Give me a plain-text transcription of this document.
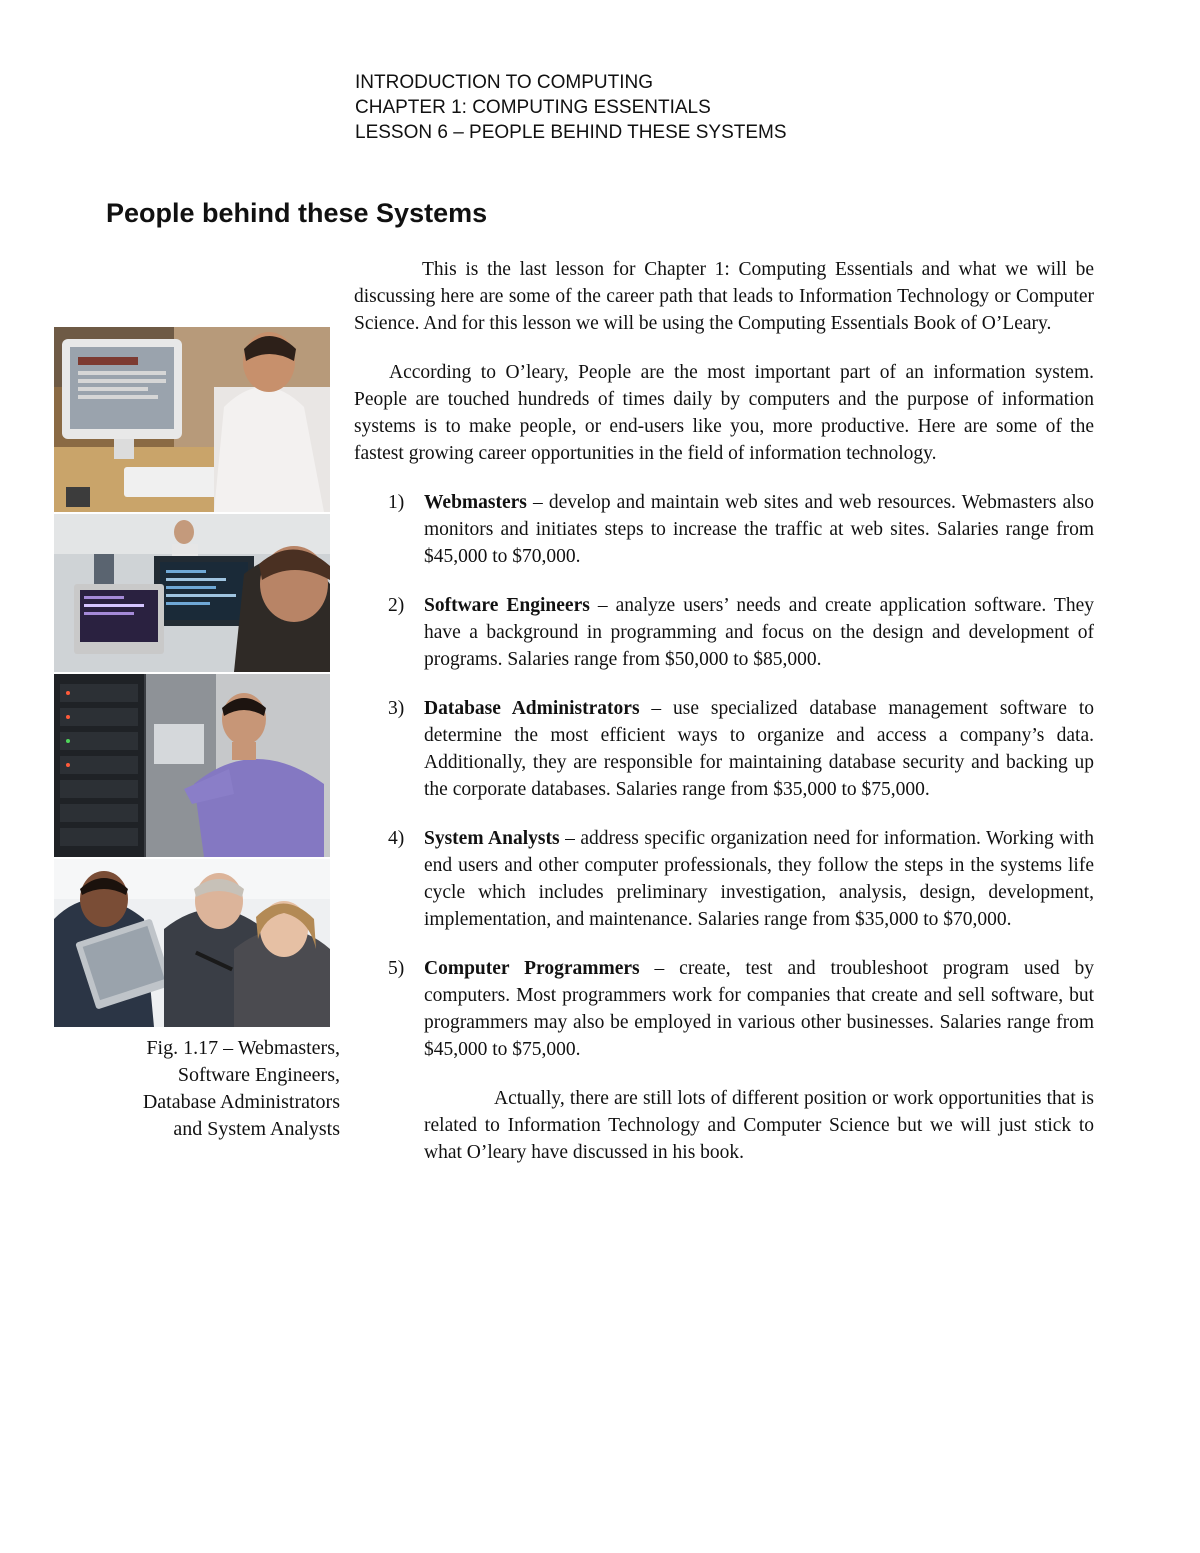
INTRODUCTION TO COMPUTING
CHAPTER 1: COMPUTING ESSENTIALS
LESSON 6 – PEOPLE BEHIND THESE SYSTEMS
People behind these Systems
Fig. 1.17 – Webmasters,
Software Engineers,
Database Administrators
and System Analysts

This is the last lesson for Chapter 1: Computing Essentials and what we will be discussing here are some of the career path that leads to Information Technology or Computer Science. And for this lesson we will be using the Computing Essentials Book of O’Leary.

According to O’leary, People are the most important part of an information system. People are touched hundreds of times daily by computers and the purpose of information systems is to make people, or end-users like you, more productive. Here are some of the fastest growing career opportunities in the field of information technology.

1) Webmasters – develop and maintain web sites and web resources. Webmasters also monitors and initiates steps to increase the traffic at web sites. Salaries range from $45,000 to $70,000.
2) Software Engineers – analyze users’ needs and create application software. They have a background in programming and focus on the design and development of programs. Salaries range from $50,000 to $85,000.
3) Database Administrators – use specialized database management software to determine the most efficient ways to organize and access a company’s data. Additionally, they are responsible for maintaining database security and backing up the corporate databases. Salaries range from $35,000 to $75,000.
4) System Analysts – address specific organization need for information. Working with end users and other computer professionals, they follow the steps in the systems life cycle which includes preliminary investigation, analysis, design, development, implementation, and maintenance. Salaries range from $35,000 to $70,000.
5) Computer Programmers – create, test and troubleshoot program used by computers. Most programmers work for companies that create and sell software, but programmers may also be employed in various other businesses. Salaries range from $45,000 to $75,000.

Actually, there are still lots of different position or work opportunities that is related to Information Technology and Computer Science but we will just stick to what O’leary have discussed in his book.
